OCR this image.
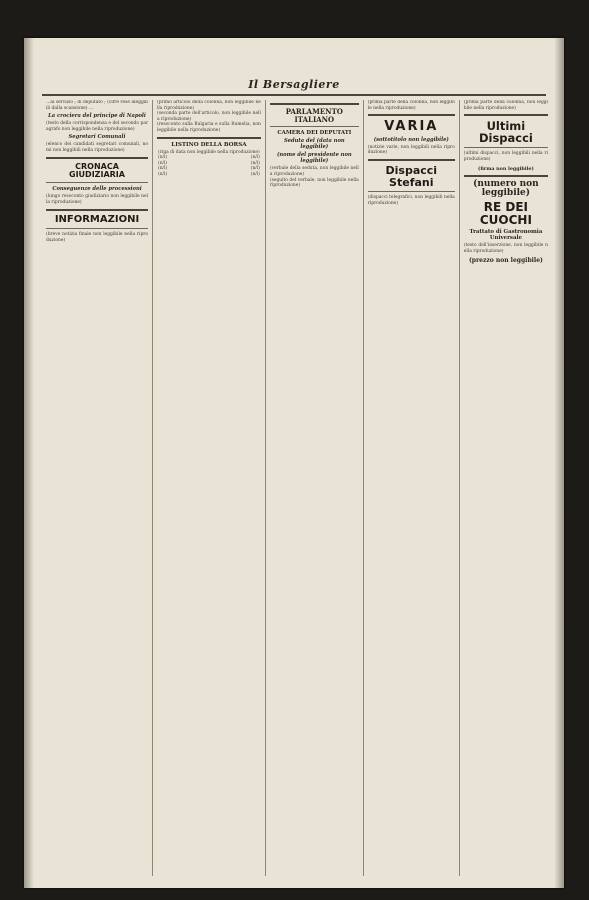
Il Bersagliere

…al servizio ; di deputato ; (cifre rese illeggibili dalla scansione) …

La crociera del principe di Napoli

(testo della corrispondenza e del secondo paragrafo non leggibile nella riproduzione)

Segretari Comunali

(elenco dei candidati segretari comunali, nomi non leggibili nella riproduzione)

CRONACA GIUDIZIARIA
Conseguenze delle processioni

(lungo resoconto giudiziario non leggibile nella riproduzione)

INFORMAZIONI

(breve notizia finale non leggibile nella riproduzione)

(primo articolo della colonna, non leggibile nella riproduzione)

(seconda parte dell'articolo, non leggibile nella riproduzione)

(resoconto sulla Bulgaria e sulla Rumelia, non leggibile nella riproduzione)

LISTINO DELLA BORSA

(riga di data non leggibile nella riproduzione)

(n/l)	(n/l)
(n/l)	(n/l)
(n/l)	(n/l)
(n/l)	(n/l)
PARLAMENTO ITALIANO
CAMERA DEI DEPUTATI
Seduta del (data non leggibile)
(nome del presidente non leggibile)

(verbale della seduta, non leggibile nella riproduzione)

(seguito del verbale, non leggibile nella riproduzione)

(prima parte della colonna, non leggibile nella riproduzione)

VARIA
(sottotitolo non leggibile)

(notizie varie, non leggibili nella riproduzione)

Dispacci Stefani

(dispacci telegrafici, non leggibili nella riproduzione)

(prima parte della colonna, non leggibile nella riproduzione)

Ultimi Dispacci

(ultimi dispacci, non leggibili nella riproduzione)

(firma non leggibile)
(numero non leggibile)
RE DEI CUOCHI
Trattato di Gastronomia Universale

(testo dell'inserzione, non leggibile nella riproduzione)

(prezzo non leggibile)
